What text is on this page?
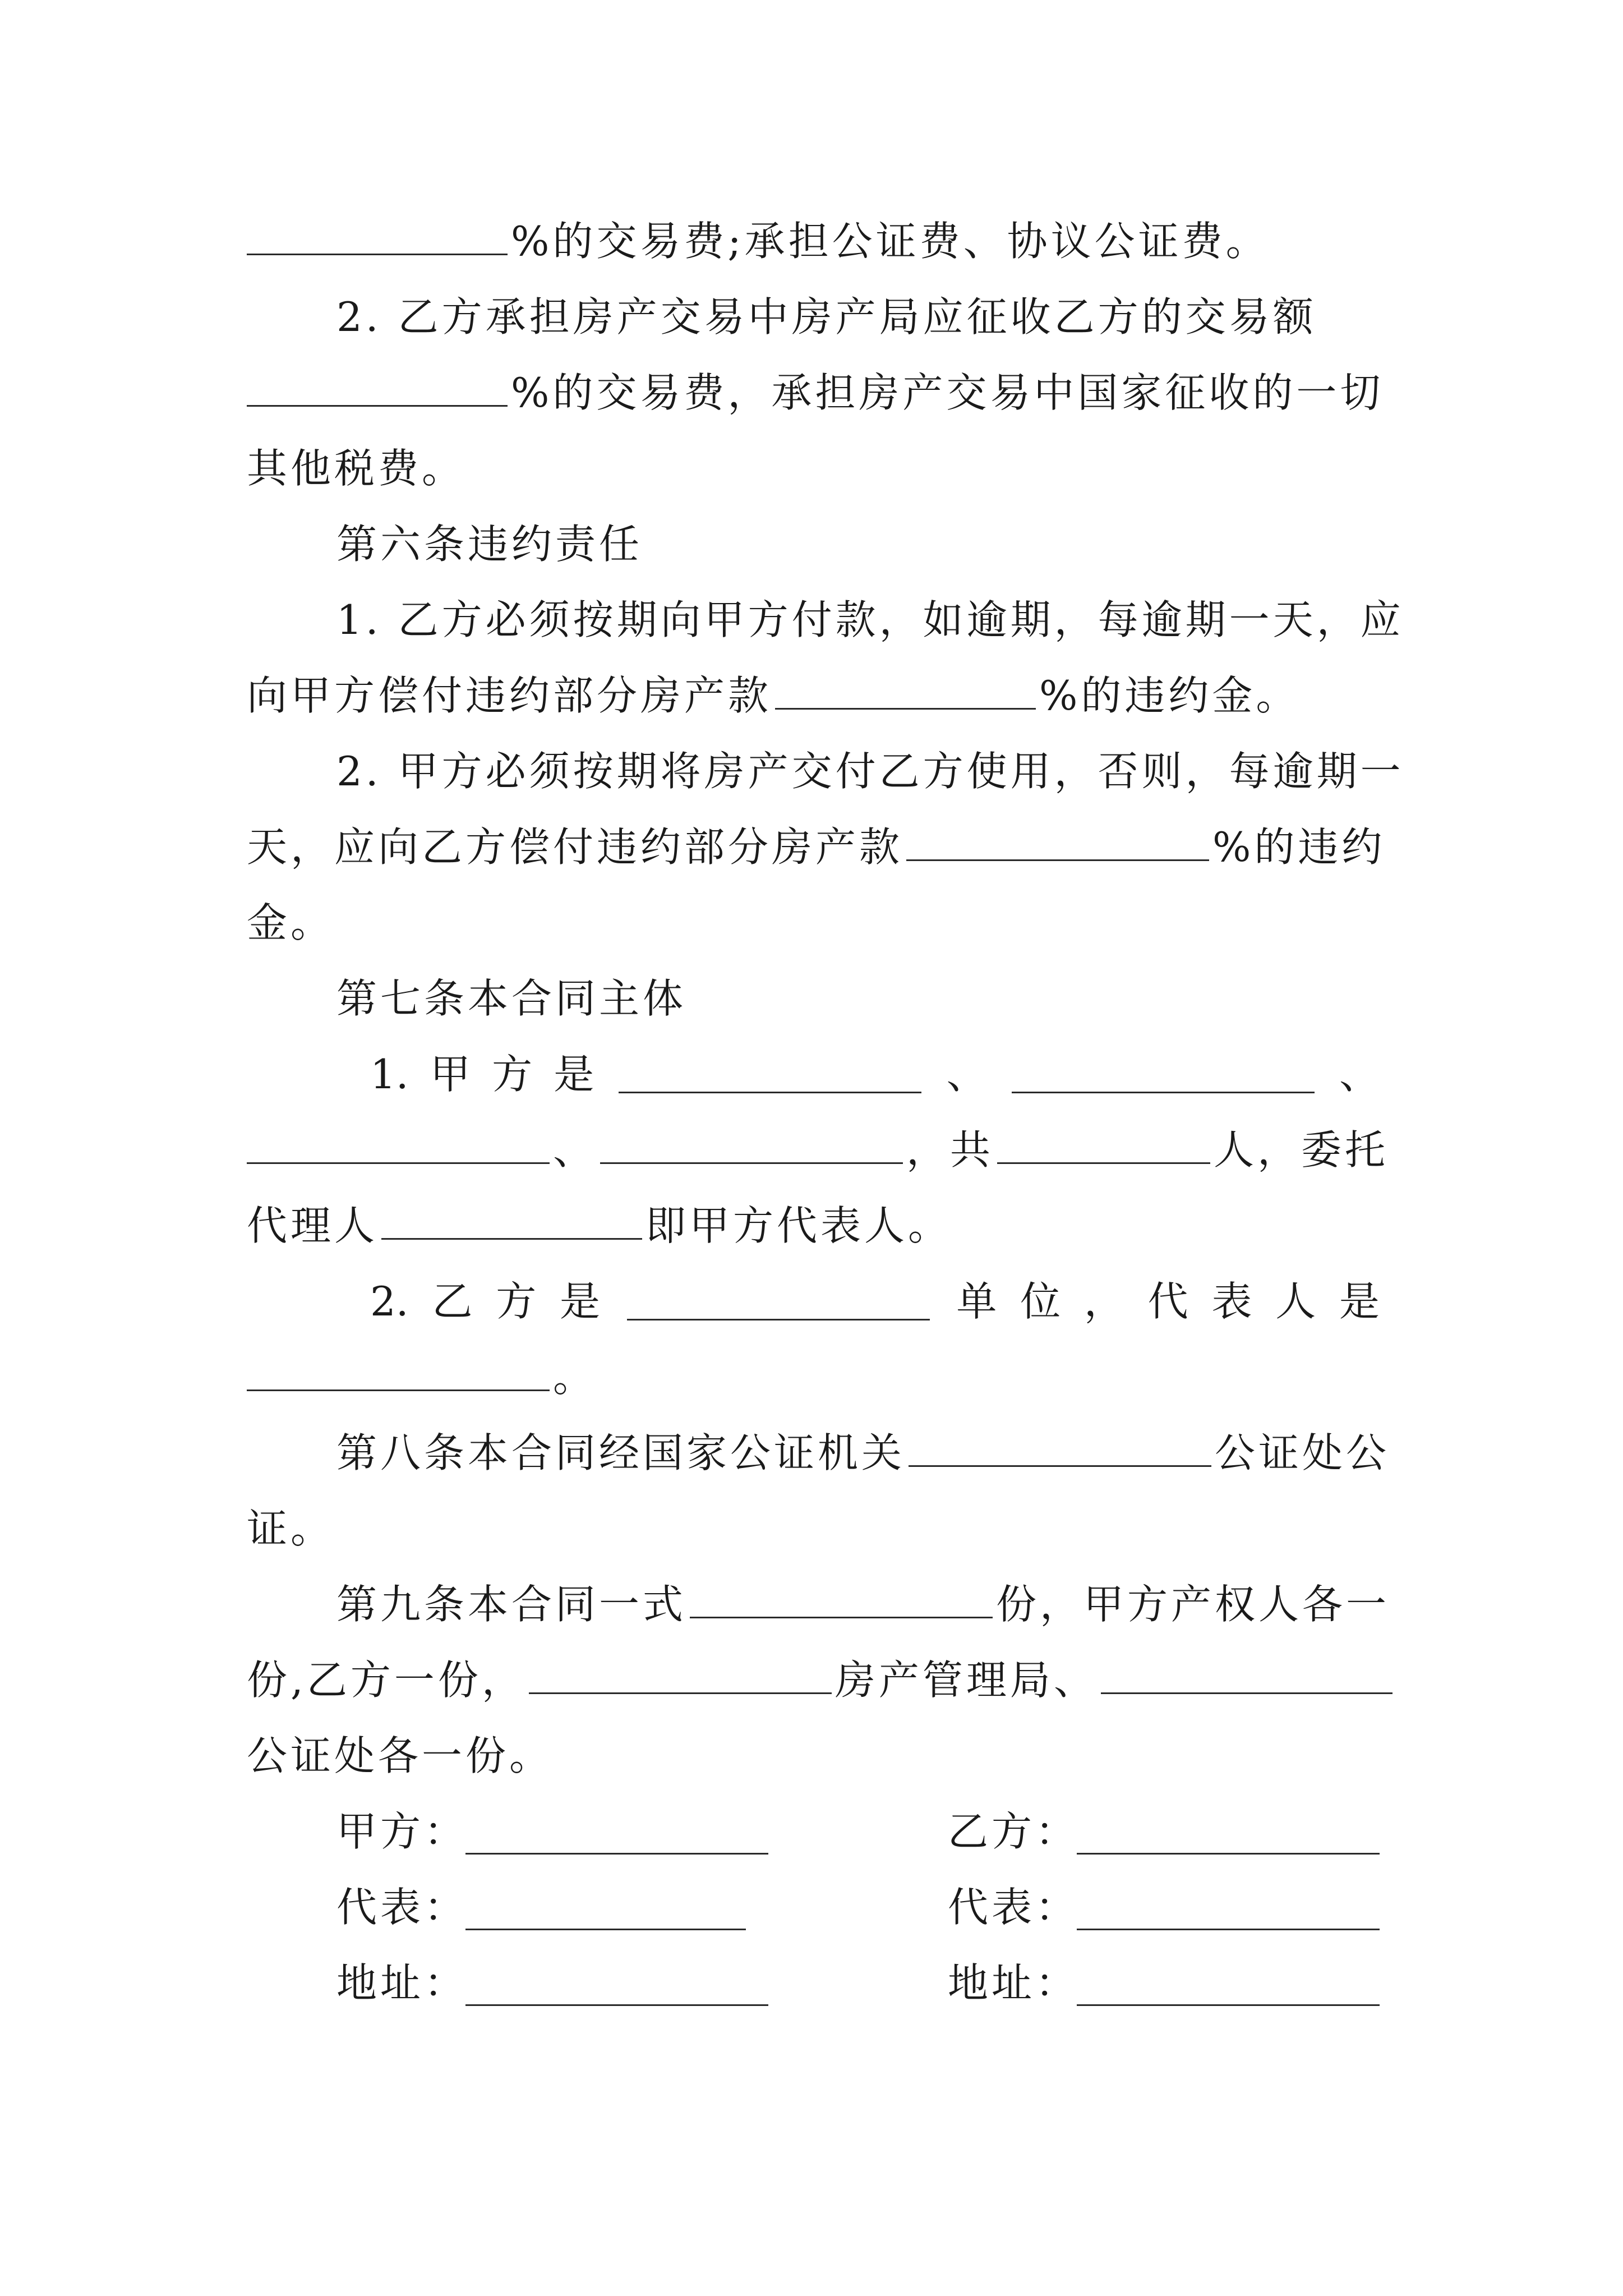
%的交易费;承担公证费、协议公证费。
2. 乙方承担房产交易中房产局应征收乙方的交易额
%的交易费，承担房产交易中国家征收的一切
其他税费。
第六条违约责任
1. 乙方必须按期向甲方付款，如逾期，每逾期一天，应
向甲方偿付违约部分房产款	%的违约金。
2. 甲方必须按期将房产交付乙方使用，否则，每逾期一
天，应向乙方偿付违约部分房产款	%的违约
金。
第七条本合同主体
1. 甲 方 是	、	、
、	，共	人，委托
代理人	即甲方代表人。
2. 乙 方 是	单 位 ， 代 表 人 是
。
第八条本合同经国家公证机关	公证处公
证。
第九条本合同一式	份，甲方产权人各一
份,乙方一份，	房产管理局、
公证处各一份。
甲方：	乙方：
代表：	代表：
地址：	地址：
